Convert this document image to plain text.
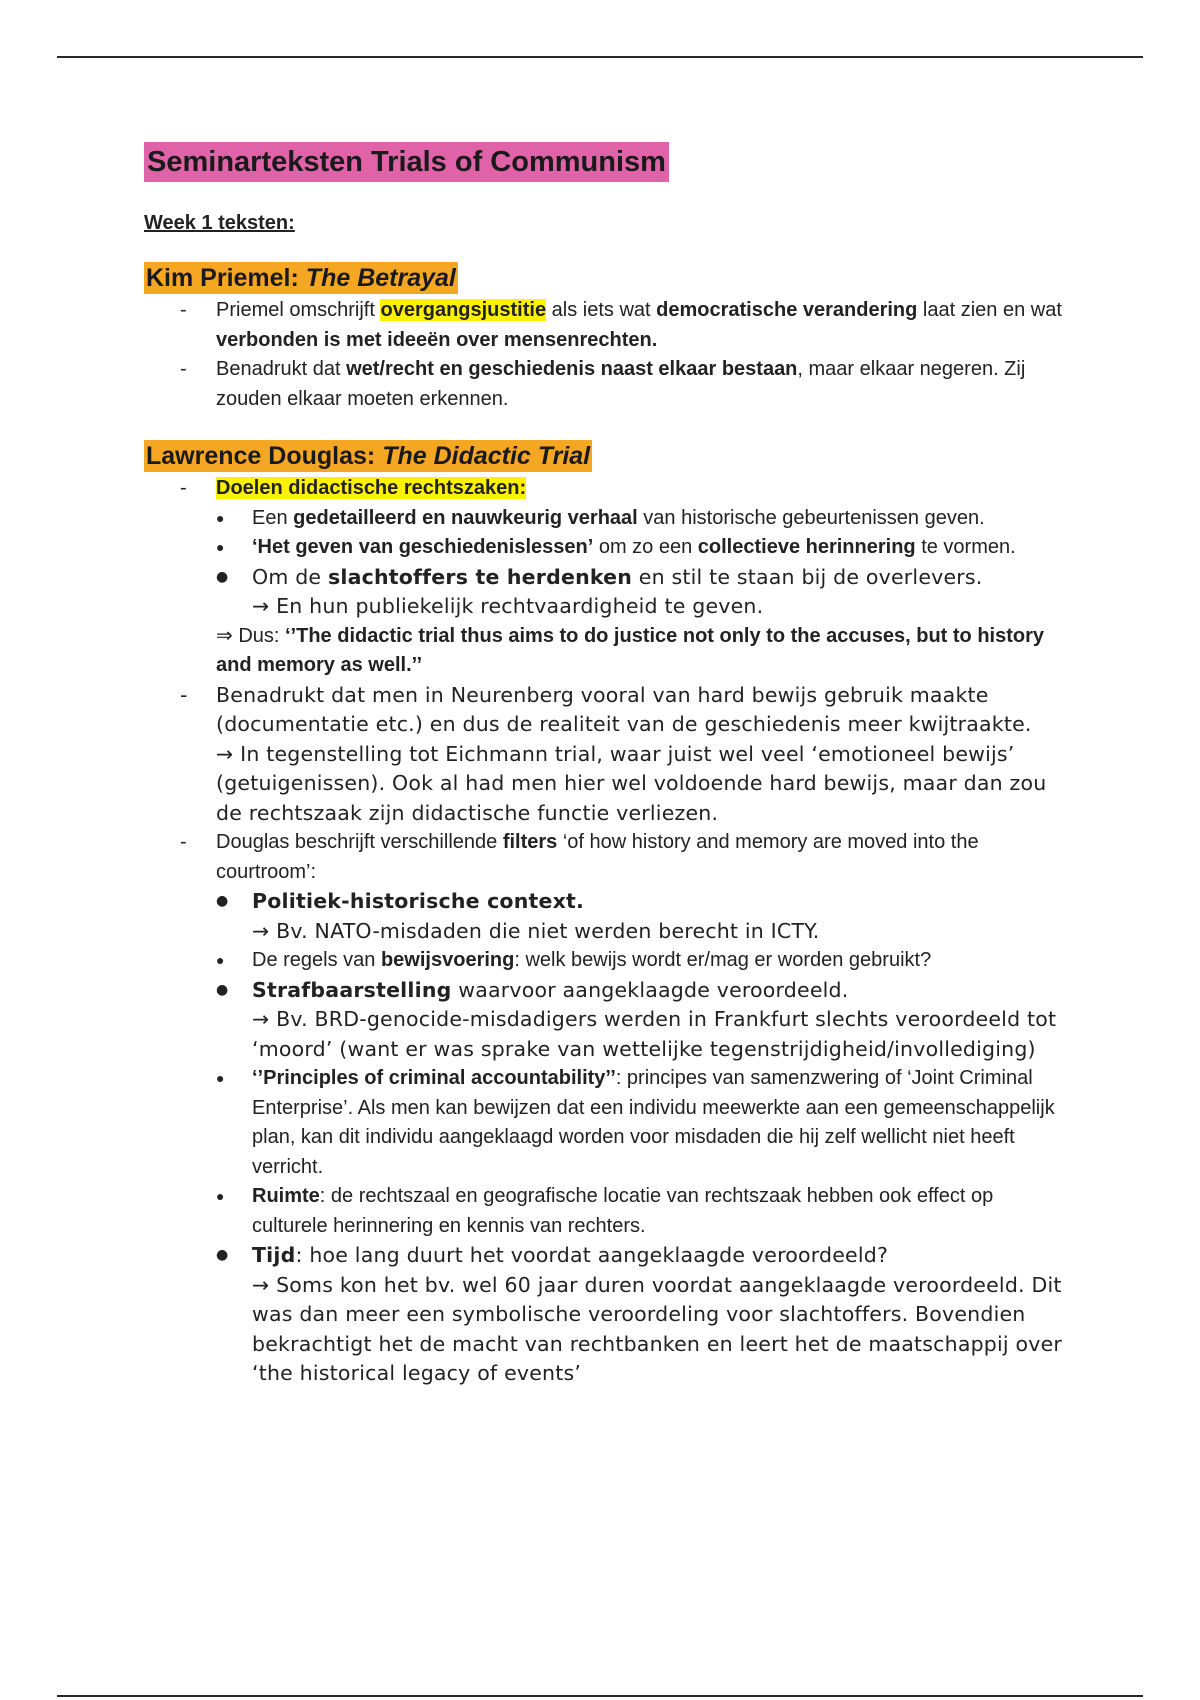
Seminarteksten Trials of Communism
Week 1 teksten:
Kim Priemel: The Betrayal
- Priemel omschrijft overgangsjustitie als iets wat democratische verandering laat zien en wat verbonden is met ideeën over mensenrechten.
- Benadrukt dat wet/recht en geschiedenis naast elkaar bestaan, maar elkaar negeren. Zij zouden elkaar moeten erkennen.
Lawrence Douglas: The Didactic Trial
- Doelen didactische rechtszaken:
● Een gedetailleerd en nauwkeurig verhaal van historische gebeurtenissen geven.
● ‘Het geven van geschiedenislessen’ om zo een collectieve herinnering te vormen.
● Om de slachtoffers te herdenken en stil te staan bij de overlevers.
→ En hun publiekelijk rechtvaardigheid te geven.
⇒ Dus: ‘’The didactic trial thus aims to do justice not only to the accuses, but to history and memory as well.’’
- Benadrukt dat men in Neurenberg vooral van hard bewijs gebruik maakte (documentatie etc.) en dus de realiteit van de geschiedenis meer kwijtraakte.
→ In tegenstelling tot Eichmann trial, waar juist wel veel ‘emotioneel bewijs’ (getuigenissen). Ook al had men hier wel voldoende hard bewijs, maar dan zou de rechtszaak zijn didactische functie verliezen.
- Douglas beschrijft verschillende filters ‘of how history and memory are moved into the courtroom’:
● Politiek-historische context.
→ Bv. NATO-misdaden die niet werden berecht in ICTY.
● De regels van bewijsvoering: welk bewijs wordt er/mag er worden gebruikt?
● Strafbaarstelling waarvoor aangeklaagde veroordeeld.
→ Bv. BRD-genocide-misdadigers werden in Frankfurt slechts veroordeeld tot ‘moord’ (want er was sprake van wettelijke tegenstrijdigheid/invollediging)
● ‘’Principles of criminal accountability’’: principes van samenzwering of ‘Joint Criminal Enterprise’. Als men kan bewijzen dat een individu meewerkte aan een gemeenschappelijk plan, kan dit individu aangeklaagd worden voor misdaden die hij zelf wellicht niet heeft verricht.
● Ruimte: de rechtszaal en geografische locatie van rechtszaak hebben ook effect op culturele herinnering en kennis van rechters.
● Tijd: hoe lang duurt het voordat aangeklaagde veroordeeld?
→ Soms kon het bv. wel 60 jaar duren voordat aangeklaagde veroordeeld. Dit was dan meer een symbolische veroordeling voor slachtoffers. Bovendien bekrachtigt het de macht van rechtbanken en leert het de maatschappij over ‘the historical legacy of events’
